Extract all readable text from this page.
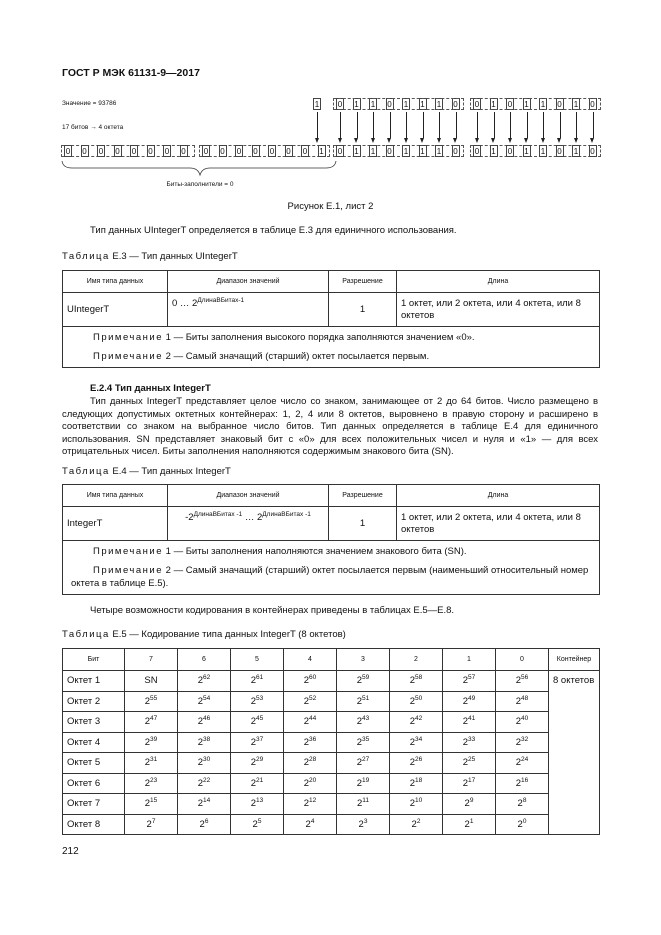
ГОСТ Р МЭК 61131-9—2017
Значение = 93786
17 битов → 4 октета
1 0 1 1 0 1 1 1 0 0 1 0 1 1 0 1 0
0 0 0 0 0 0 0 0 0 0 0 0 0 0 0 1 0 1 1 0 1 1 1 0 0 1 0 1 1 0 1 0
Биты-заполнители = 0
Рисунок Е.1, лист 2
Тип данных UIntegerT определяется в таблице Е.3 для единичного использования.
Таблица Е.3 — Тип данных UIntegerT
Имя типа данных	Диапазон значений	Разрешение	Длина
UIntegerT	0 … $2^{ДлинаВБитах-1}$	1	1 октет, или 2 октета, или 4 октета, или 8 октетов

Примечание 1 — Биты заполнения высокого порядка заполняются значением «0».
Примечание 2 — Самый значащий (старший) октет посылается первым.			
Е.2.4 Тип данных IntegerT
Тип данных IntegerT представляет целое число со знаком, занимающее от 2 до 64 битов. Число размещено в следующих допустимых октетных контейнерах: 1, 2, 4 или 8 октетов, выровнено в правую сторону и расширено в соответствии со знаком на выбранное число битов. Тип данных определяется в таблице Е.4 для единичного использования. SN представляет знаковый бит с «0» для всех положительных чисел и нуля и «1» — для всех отрицательных чисел. Биты заполнения наполняются содержимым знакового бита (SN).
Таблица Е.4 — Тип данных IntegerT
Имя типа данных	Диапазон значений	Разрешение	Длина
IntegerT	$-2^{ДлинаВБитах -1}$ … $2^{ДлинаВБитах -1}$	1	1 октет, или 2 октета, или 4 октета, или 8 октетов

Примечание 1 — Биты заполнения наполняются значением знакового бита (SN).
Примечание 2 — Самый значащий (старший) октет посылается первым (наименьший относительный номер октета в таблице Е.5).			
Четыре возможности кодирования в контейнерах приведены в таблицах Е.5—Е.8.
Таблица Е.5 — Кодирование типа данных IntegerT (8 октетов)
Бит	7	6	5	4	3	2	1	0	Контейнер
Октет 1	SN	$2^{62}$	$2^{61}$	$2^{60}$	$2^{59}$	$2^{58}$	$2^{57}$	$2^{56}$	8 октетов
Октет 2	$2^{55}$	$2^{54}$	$2^{53}$	$2^{52}$	$2^{51}$	$2^{50}$	$2^{49}$	$2^{48}$
Октет 3	$2^{47}$	$2^{46}$	$2^{45}$	$2^{44}$	$2^{43}$	$2^{42}$	$2^{41}$	$2^{40}$
Октет 4	$2^{39}$	$2^{38}$	$2^{37}$	$2^{36}$	$2^{35}$	$2^{34}$	$2^{33}$	$2^{32}$
Октет 5	$2^{31}$	$2^{30}$	$2^{29}$	$2^{28}$	$2^{27}$	$2^{26}$	$2^{25}$	$2^{24}$
Октет 6	$2^{23}$	$2^{22}$	$2^{21}$	$2^{20}$	$2^{19}$	$2^{18}$	$2^{17}$	$2^{16}$
Октет 7	$2^{15}$	$2^{14}$	$2^{13}$	$2^{12}$	$2^{11}$	$2^{10}$	$2^9$	$2^8$
Октет 8	$2^7$	$2^6$	$2^5$	$2^4$	$2^3$	$2^2$	$2^1$	$2^0$
212
